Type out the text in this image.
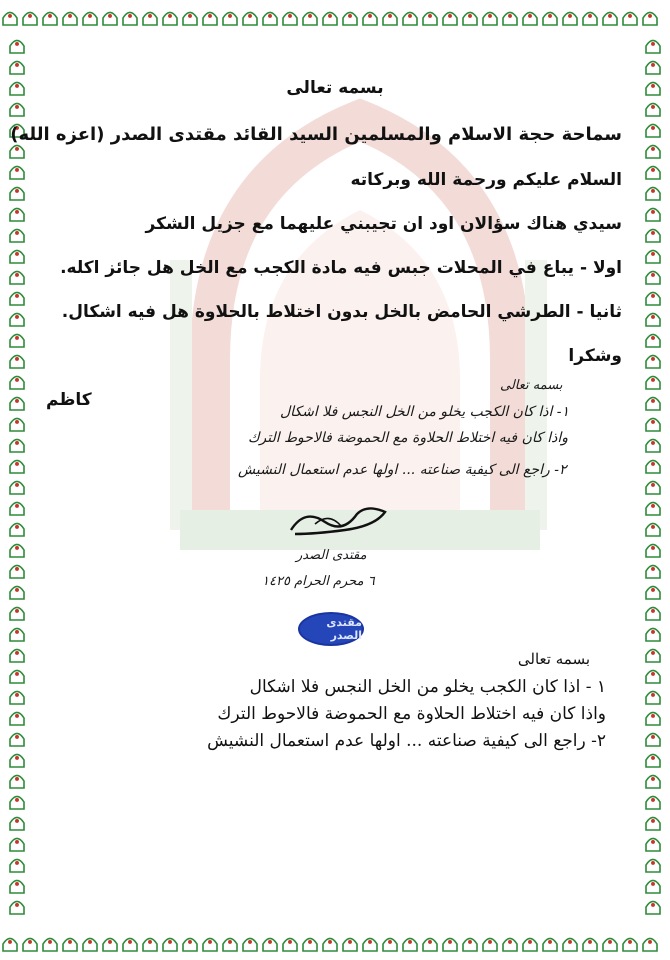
بسمه تعالى
سماحة حجة الاسلام والمسلمين السيد القائد مقتدى الصدر (اعزه الله)
السلام عليكم ورحمة الله وبركاته
سيدي هناك سؤالان اود ان تجيبني عليهما مع جزيل الشكر
اولا - يباع في المحلات جبس فيه مادة الكجب مع الخل هل جائز اكله.
ثانيا - الطرشي الحامض بالخل بدون اختلاط بالحلاوة هل فيه اشكال.
وشكرا
كاظم
بسمه تعالى
١- اذا كان الكجب يخلو من الخل النجس فلا اشكال
واذا كان فيه اختلاط الحلاوة مع الحموضة فالاحوط الترك
٢- راجع الى كيفية صناعته ... اولها عدم استعمال النشيش
مقتدى الصدر
٦ محرم الحرام ١٤٢٥
مقتدى الصدر
بسمه تعالى
١ - اذا كان الكجب يخلو من الخل النجس فلا اشكال
واذا كان فيه اختلاط الحلاوة مع الحموضة فالاحوط الترك
٢- راجع الى كيفية صناعته ... اولها عدم استعمال النشيش
